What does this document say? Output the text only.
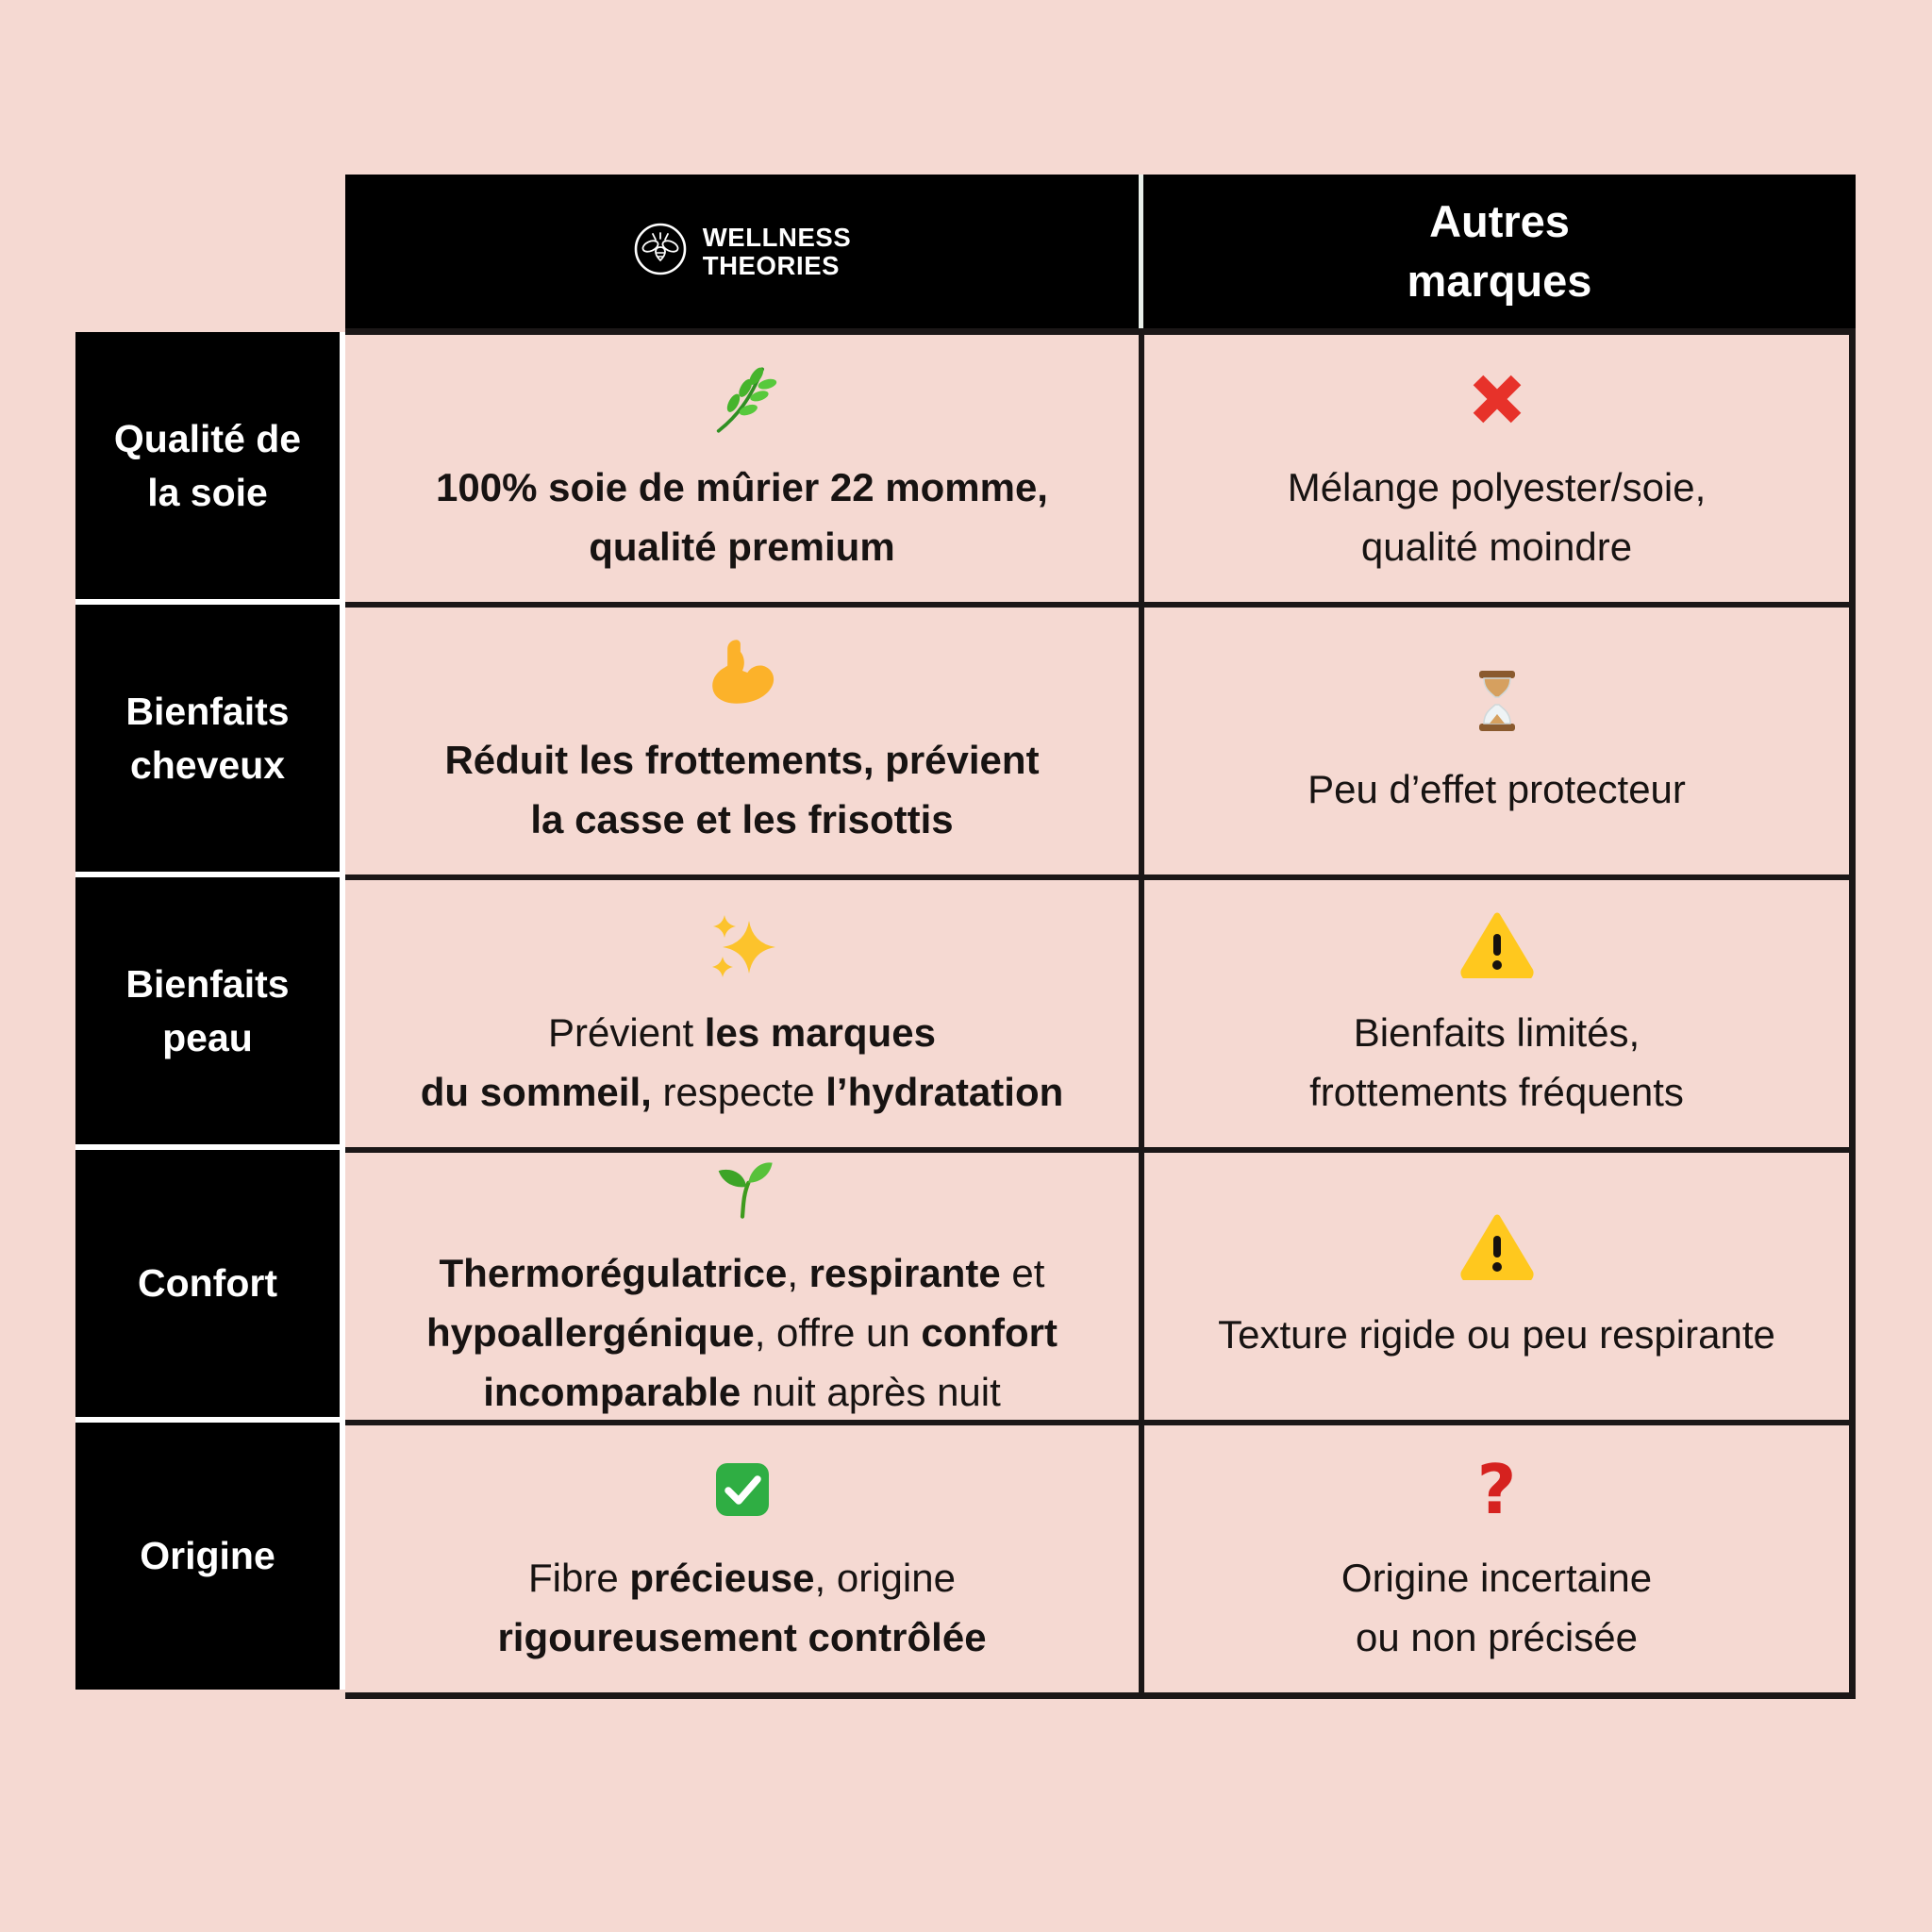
WELLNESS
THEORIES
Autres
marques
Qualité de
la soie
Bienfaits
cheveux
Bienfaits
peau
Confort
Origine
100% soie de mûrier 22 momme,
qualité premium
Mélange polyester/soie,
qualité moindre
Réduit les frottements, prévient
la casse et les frisottis
Peu d’effet protecteur
Prévient les marques
du sommeil, respecte l’hydratation
Bienfaits limités,
frottements fréquents
Thermorégulatrice, respirante et
hypoallergénique, offre un confort
incomparable nuit après nuit
Texture rigide ou peu respirante
Fibre précieuse, origine
rigoureusement contrôlée
?
Origine incertaine
ou non précisée
